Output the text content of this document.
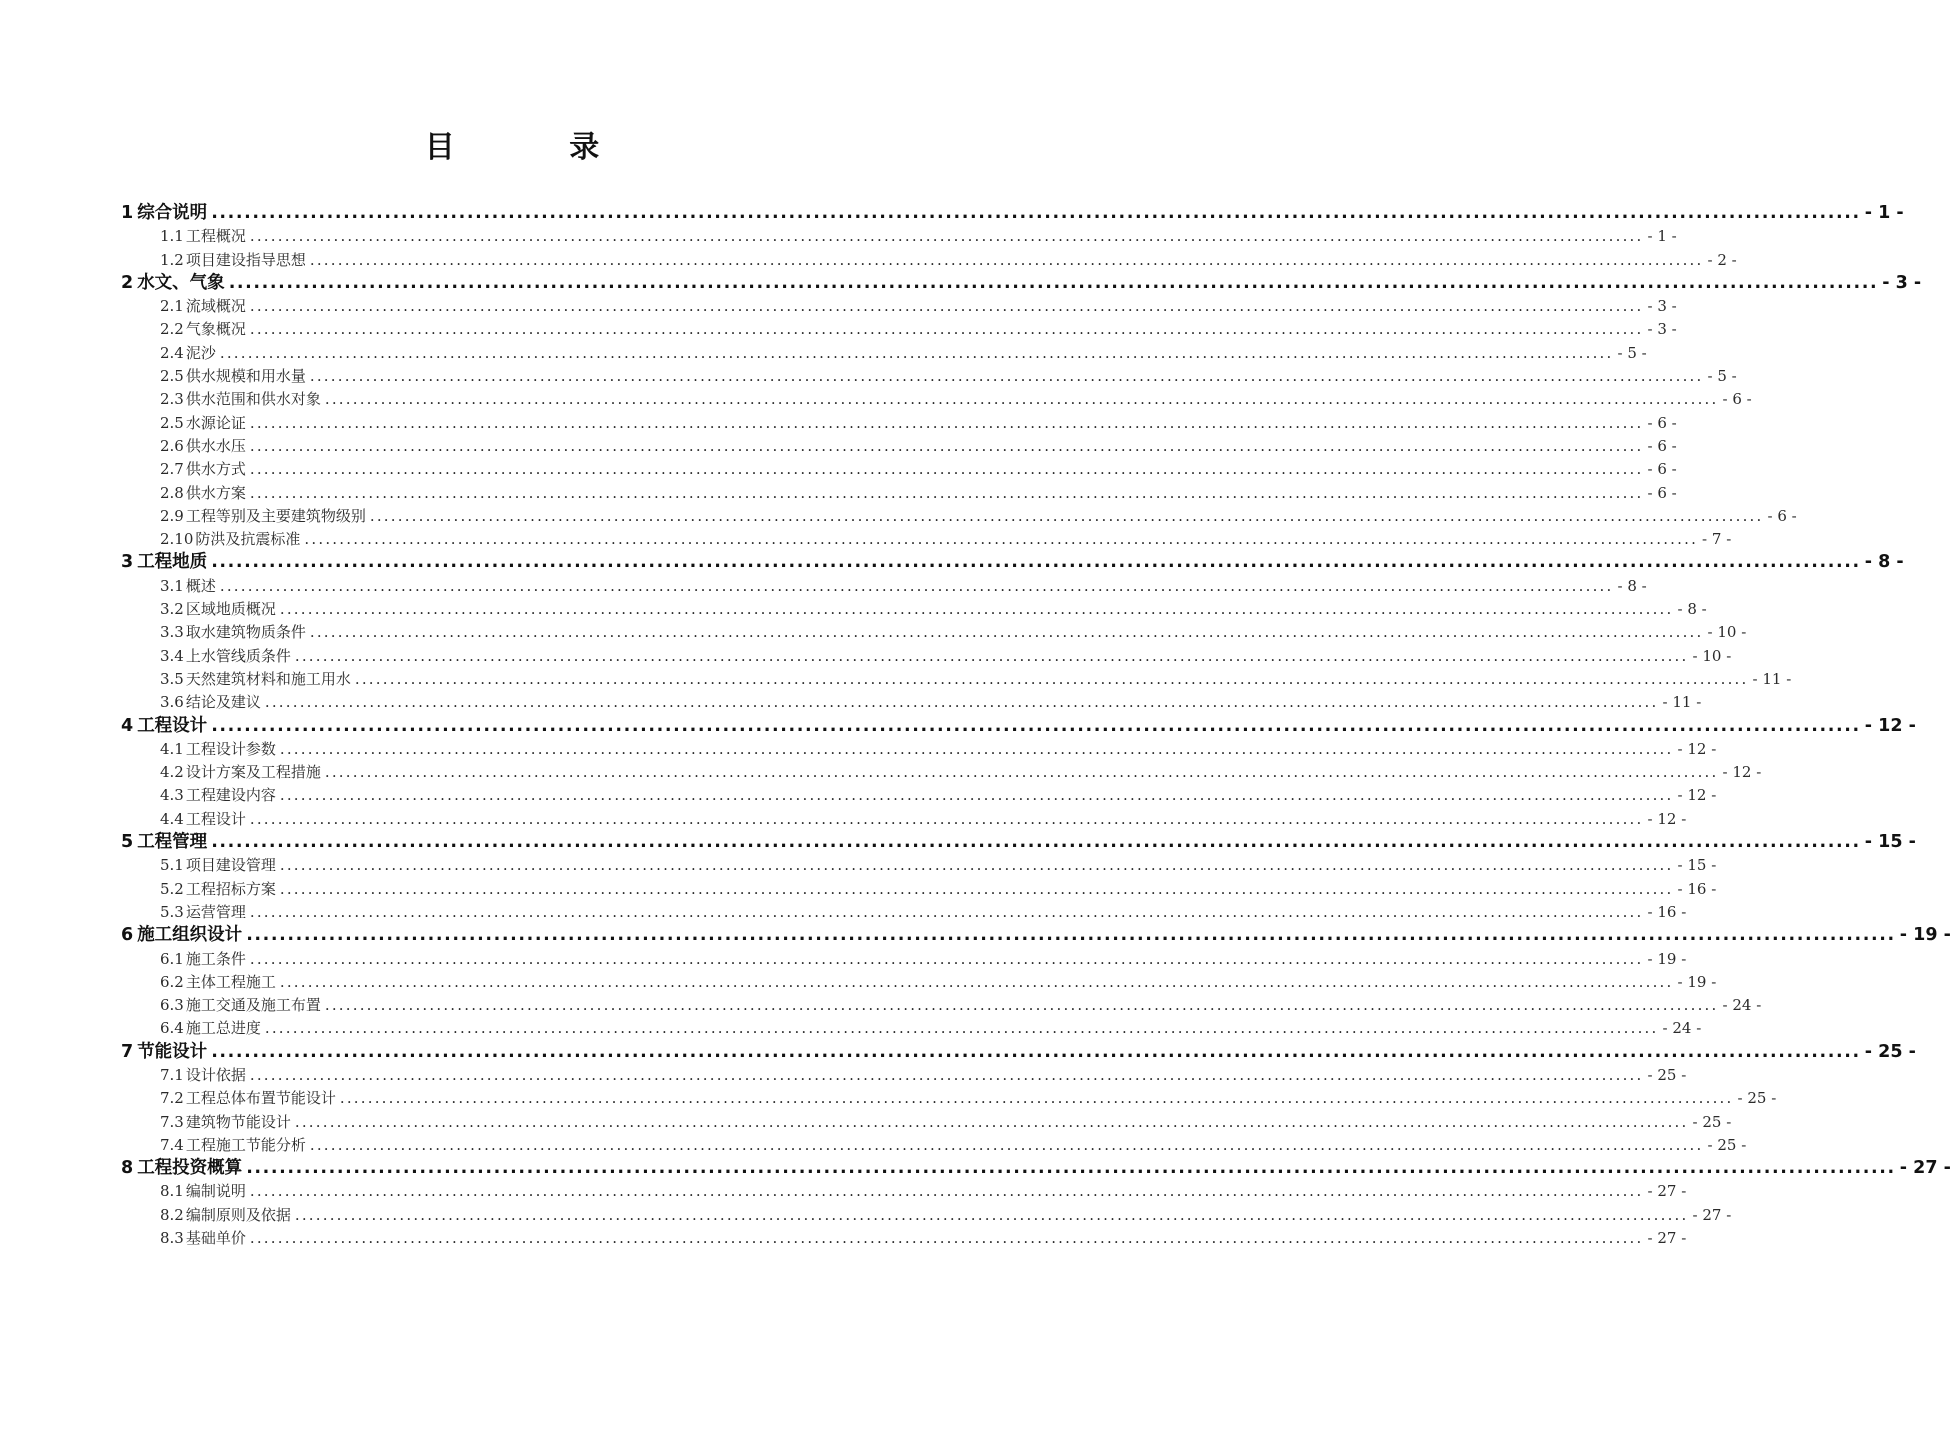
目 录
1 综合说明 ........................................................................................................................................................................................................ - 1 -
1.1 工程概况 ........................................................................................................................................................................................................ - 1 -
1.2 项目建设指导思想 ........................................................................................................................................................................................................ - 2 -
2 水文、气象 ........................................................................................................................................................................................................ - 3 -
2.1 流域概况 ........................................................................................................................................................................................................ - 3 -
2.2 气象概况 ........................................................................................................................................................................................................ - 3 -
2.4 泥沙 ........................................................................................................................................................................................................ - 5 -
2.5 供水规模和用水量 ........................................................................................................................................................................................................ - 5 -
2.3 供水范围和供水对象 ........................................................................................................................................................................................................ - 6 -
2.5 水源论证 ........................................................................................................................................................................................................ - 6 -
2.6 供水水压 ........................................................................................................................................................................................................ - 6 -
2.7 供水方式 ........................................................................................................................................................................................................ - 6 -
2.8 供水方案 ........................................................................................................................................................................................................ - 6 -
2.9 工程等别及主要建筑物级别 ........................................................................................................................................................................................................ - 6 -
2.10 防洪及抗震标准 ........................................................................................................................................................................................................ - 7 -
3 工程地质 ........................................................................................................................................................................................................ - 8 -
3.1 概述 ........................................................................................................................................................................................................ - 8 -
3.2 区域地质概况 ........................................................................................................................................................................................................ - 8 -
3.3 取水建筑物质条件 ........................................................................................................................................................................................................ - 10 -
3.4 上水管线质条件 ........................................................................................................................................................................................................ - 10 -
3.5 天然建筑材料和施工用水 ........................................................................................................................................................................................................ - 11 -
3.6 结论及建议 ........................................................................................................................................................................................................ - 11 -
4 工程设计 ........................................................................................................................................................................................................ - 12 -
4.1 工程设计参数 ........................................................................................................................................................................................................ - 12 -
4.2 设计方案及工程措施 ........................................................................................................................................................................................................ - 12 -
4.3 工程建设内容 ........................................................................................................................................................................................................ - 12 -
4.4 工程设计 ........................................................................................................................................................................................................ - 12 -
5 工程管理 ........................................................................................................................................................................................................ - 15 -
5.1 项目建设管理 ........................................................................................................................................................................................................ - 15 -
5.2 工程招标方案 ........................................................................................................................................................................................................ - 16 -
5.3 运营管理 ........................................................................................................................................................................................................ - 16 -
6 施工组织设计 ........................................................................................................................................................................................................ - 19 -
6.1 施工条件 ........................................................................................................................................................................................................ - 19 -
6.2 主体工程施工 ........................................................................................................................................................................................................ - 19 -
6.3 施工交通及施工布置 ........................................................................................................................................................................................................ - 24 -
6.4 施工总进度 ........................................................................................................................................................................................................ - 24 -
7 节能设计 ........................................................................................................................................................................................................ - 25 -
7.1 设计依据 ........................................................................................................................................................................................................ - 25 -
7.2 工程总体布置节能设计 ........................................................................................................................................................................................................ - 25 -
7.3 建筑物节能设计 ........................................................................................................................................................................................................ - 25 -
7.4 工程施工节能分析 ........................................................................................................................................................................................................ - 25 -
8 工程投资概算 ........................................................................................................................................................................................................ - 27 -
8.1 编制说明 ........................................................................................................................................................................................................ - 27 -
8.2 编制原则及依据 ........................................................................................................................................................................................................ - 27 -
8.3 基础单价 ........................................................................................................................................................................................................ - 27 -
